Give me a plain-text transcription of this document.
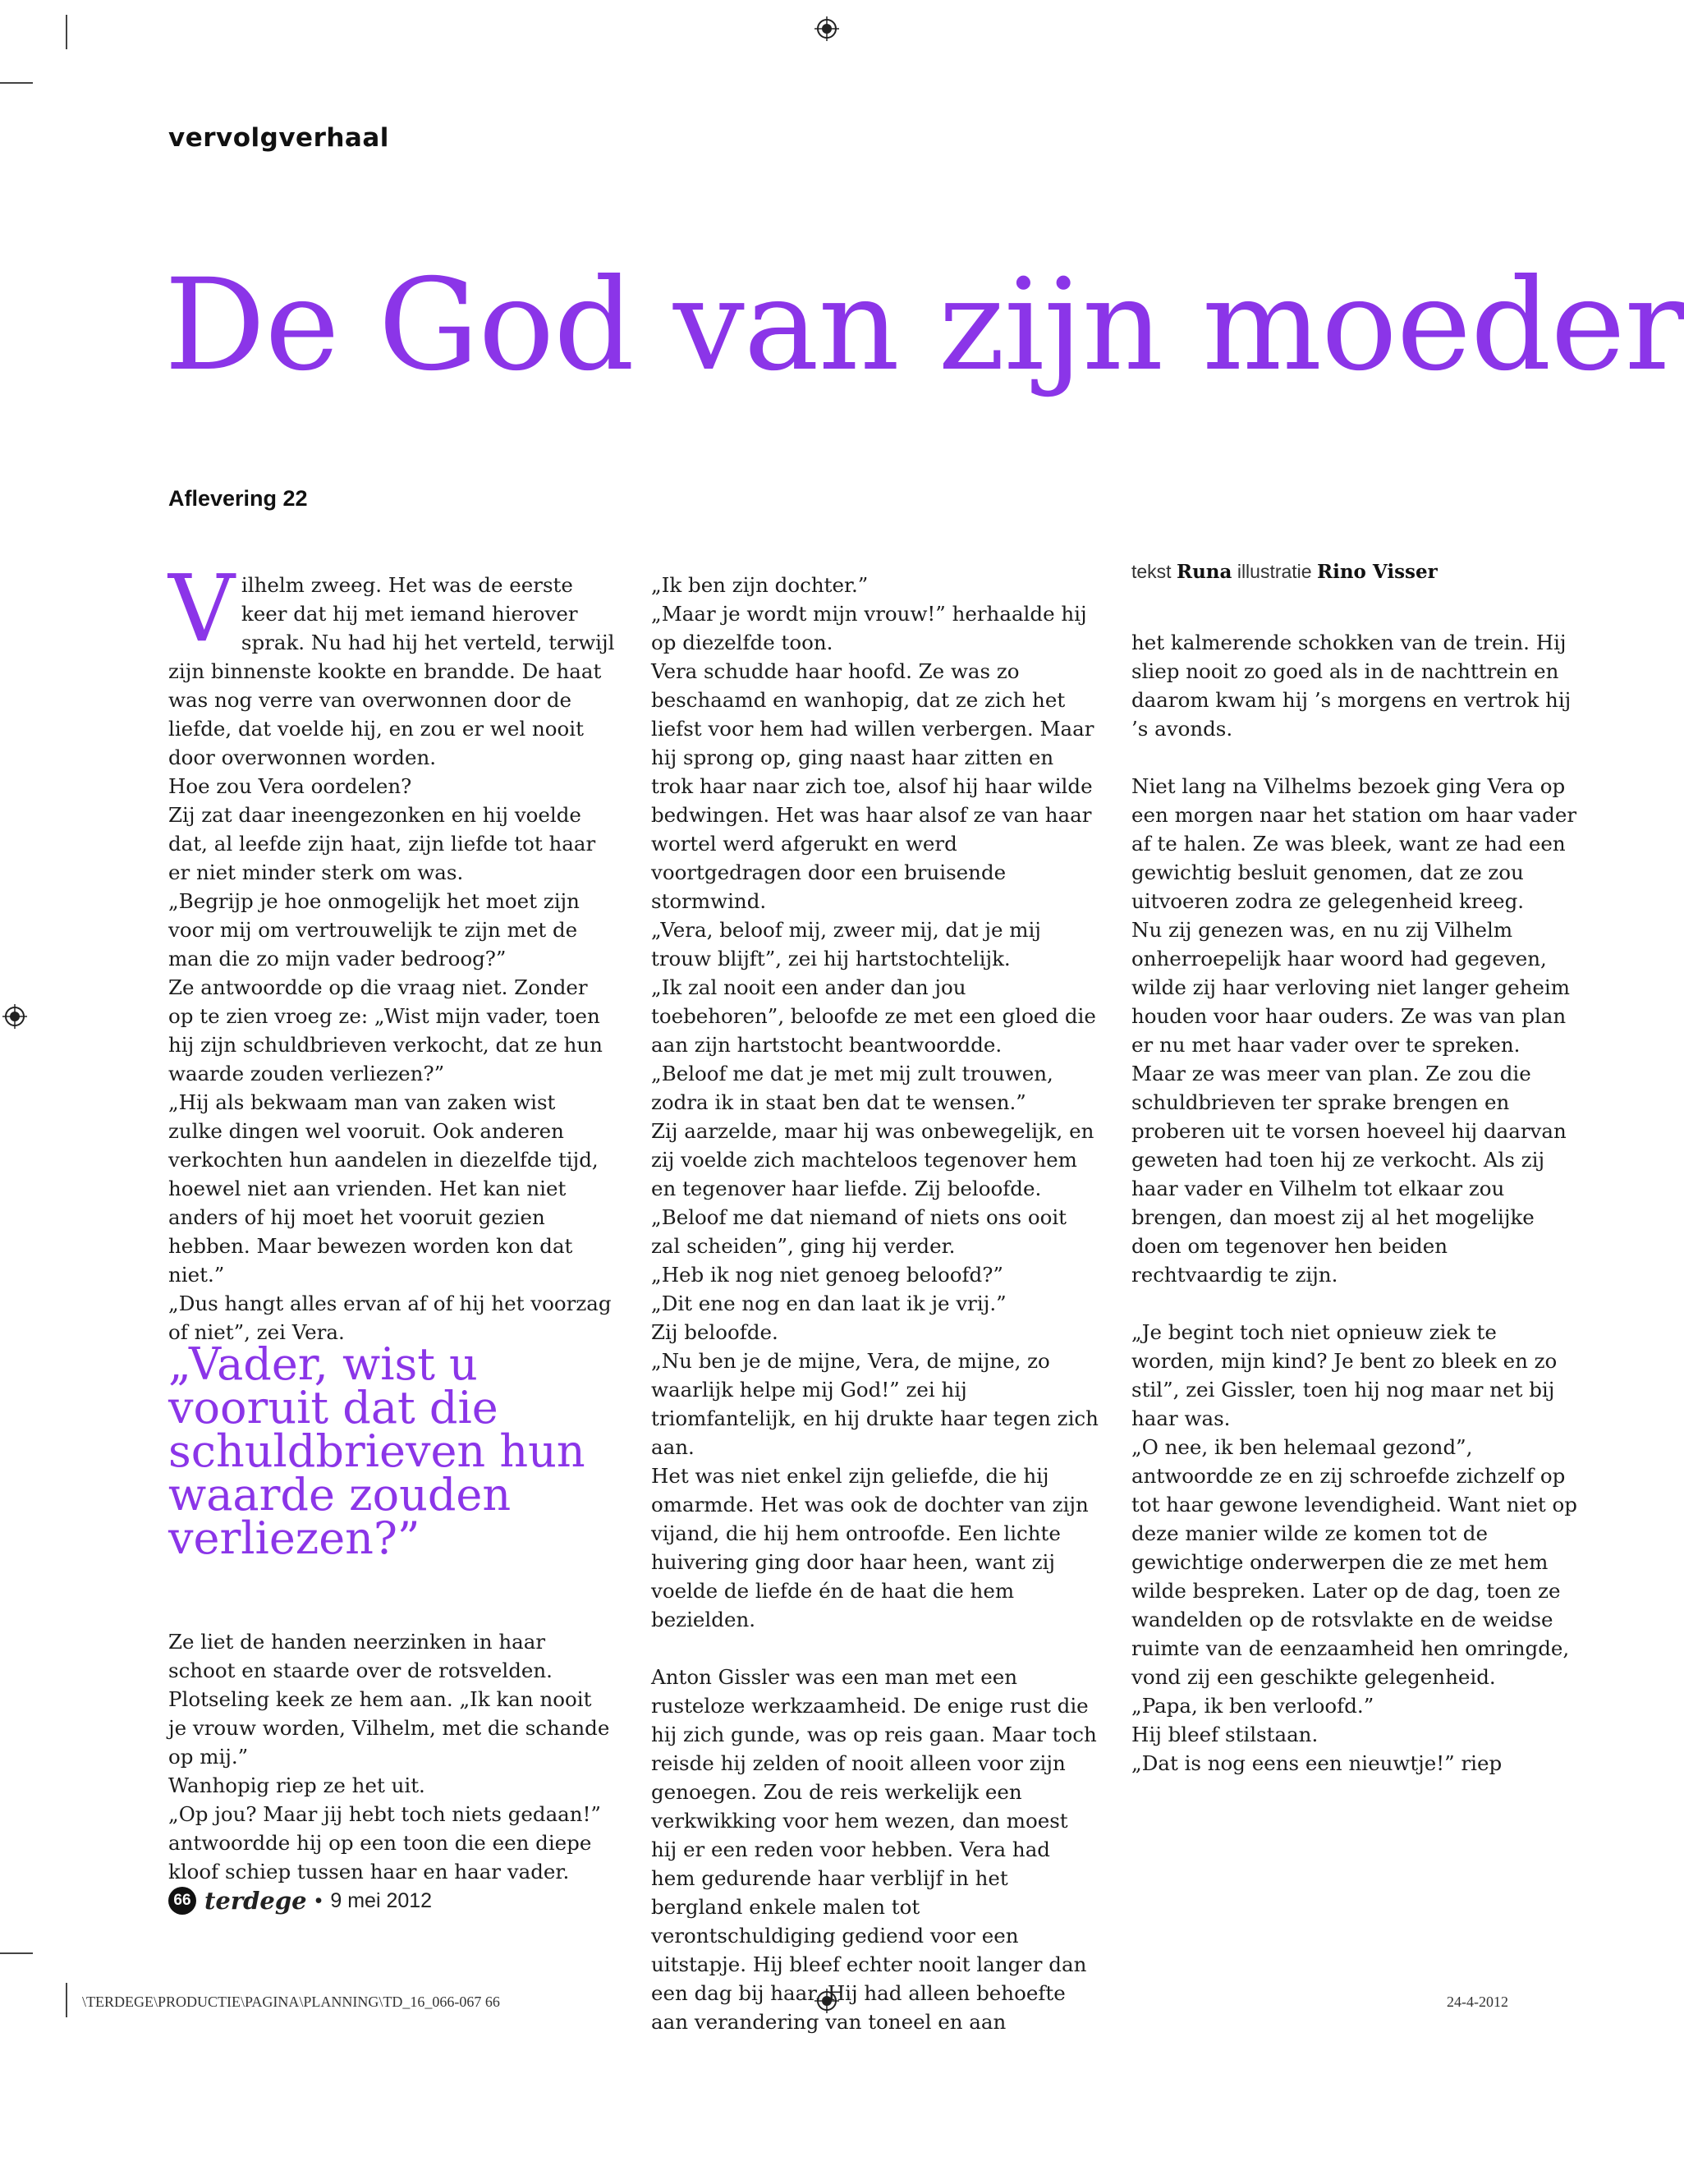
vervolgverhaal
De God van zijn moeder
Aflevering 22
tekst Runa illustratie Rino Visser

Vilhelm zweeg. Het was de eerste keer dat hij met iemand hierover sprak. Nu had hij het verteld, terwijl zijn binnenste kookte en brandde. De haat was nog verre van overwonnen door de liefde, dat voelde hij, en zou er wel nooit door overwonnen worden.

Hoe zou Vera oordelen?

Zij zat daar ineengezonken en hij voelde dat, al leefde zijn haat, zijn liefde tot haar er niet minder sterk om was.

„Begrijp je hoe onmogelijk het moet zijn voor mij om vertrouwelijk te zijn met de man die zo mijn vader bedroog?”

Ze antwoordde op die vraag niet. Zonder op te zien vroeg ze: „Wist mijn vader, toen hij zijn schuldbrieven verkocht, dat ze hun waarde zouden verliezen?”

„Hij als bekwaam man van zaken wist zulke dingen wel vooruit. Ook anderen verkochten hun aandelen in diezelfde tijd, hoewel niet aan vrienden. Het kan niet anders of hij moet het vooruit gezien hebben. Maar bewezen worden kon dat niet.”

„Dus hangt alles ervan af of hij het voorzag of niet”, zei Vera.

„Vader, wist u vooruit dat die schuldbrieven hun waarde zouden verliezen?”

Ze liet de handen neerzinken in haar schoot en staarde over de rotsvelden. Plotseling keek ze hem aan. „Ik kan nooit je vrouw worden, Vilhelm, met die schande op mij.”

Wanhopig riep ze het uit.

„Op jou? Maar jij hebt toch niets gedaan!” antwoordde hij op een toon die een diepe kloof schiep tussen haar en haar vader.

„Ik ben zijn dochter.”

„Maar je wordt mijn vrouw!” herhaalde hij op diezelfde toon.

Vera schudde haar hoofd. Ze was zo beschaamd en wanhopig, dat ze zich het liefst voor hem had willen verbergen. Maar hij sprong op, ging naast haar zitten en trok haar naar zich toe, alsof hij haar wilde bedwingen. Het was haar alsof ze van haar wortel werd afgerukt en werd voortgedragen door een bruisende stormwind.

„Vera, beloof mij, zweer mij, dat je mij trouw blijft”, zei hij hartstochtelijk.

„Ik zal nooit een ander dan jou toebehoren”, beloofde ze met een gloed die aan zijn hartstocht beantwoordde.

„Beloof me dat je met mij zult trouwen, zodra ik in staat ben dat te wensen.”

Zij aarzelde, maar hij was onbewegelijk, en zij voelde zich machteloos tegenover hem en tegenover haar liefde. Zij beloofde.

„Beloof me dat niemand of niets ons ooit zal scheiden”, ging hij verder.

„Heb ik nog niet genoeg beloofd?”

„Dit ene nog en dan laat ik je vrij.”

Zij beloofde.

„Nu ben je de mijne, Vera, de mijne, zo waarlijk helpe mij God!” zei hij triomfantelijk, en hij drukte haar tegen zich aan.

Het was niet enkel zijn geliefde, die hij omarmde. Het was ook de dochter van zijn vijand, die hij hem ontroofde. Een lichte huivering ging door haar heen, want zij voelde de liefde én de haat die hem bezielden.

Anton Gissler was een man met een rusteloze werkzaamheid. De enige rust die hij zich gunde, was op reis gaan. Maar toch reisde hij zelden of nooit alleen voor zijn genoegen. Zou de reis werkelijk een verkwikking voor hem wezen, dan moest hij er een reden voor hebben. Vera had hem gedurende haar verblijf in het bergland enkele malen tot verontschuldiging gediend voor een uitstapje. Hij bleef echter nooit langer dan een dag bij haar. Hij had alleen behoefte aan verandering van toneel en aan

het kalmerende schokken van de trein. Hij sliep nooit zo goed als in de nachttrein en daarom kwam hij ’s morgens en vertrok hij ’s avonds.

Niet lang na Vilhelms bezoek ging Vera op een morgen naar het station om haar vader af te halen. Ze was bleek, want ze had een gewichtig besluit genomen, dat ze zou uitvoeren zodra ze gelegenheid kreeg.

Nu zij genezen was, en nu zij Vilhelm onherroepelijk haar woord had gegeven, wilde zij haar verloving niet langer geheim houden voor haar ouders. Ze was van plan er nu met haar vader over te spreken.

Maar ze was meer van plan. Ze zou die schuldbrieven ter sprake brengen en proberen uit te vorsen hoeveel hij daarvan geweten had toen hij ze verkocht. Als zij haar vader en Vilhelm tot elkaar zou brengen, dan moest zij al het mogelijke doen om tegenover hen beiden rechtvaardig te zijn.

„Je begint toch niet opnieuw ziek te worden, mijn kind? Je bent zo bleek en zo stil”, zei Gissler, toen hij nog maar net bij haar was.

„O nee, ik ben helemaal gezond”, antwoordde ze en zij schroefde zichzelf op tot haar gewone levendigheid. Want niet op deze manier wilde ze komen tot de gewichtige onderwerpen die ze met hem wilde bespreken. Later op de dag, toen ze wandelden op de rotsvlakte en de weidse ruimte van de eenzaamheid hen omringde, vond zij een geschikte gelegenheid.

„Papa, ik ben verloofd.”

Hij bleef stilstaan.

„Dat is nog eens een nieuwtje!” riep

66 terdege • 9 mei 2012
\TERDEGE\PRODUCTIE\PAGINA\PLANNING\TD_16_066-067 66	24-4-2012
